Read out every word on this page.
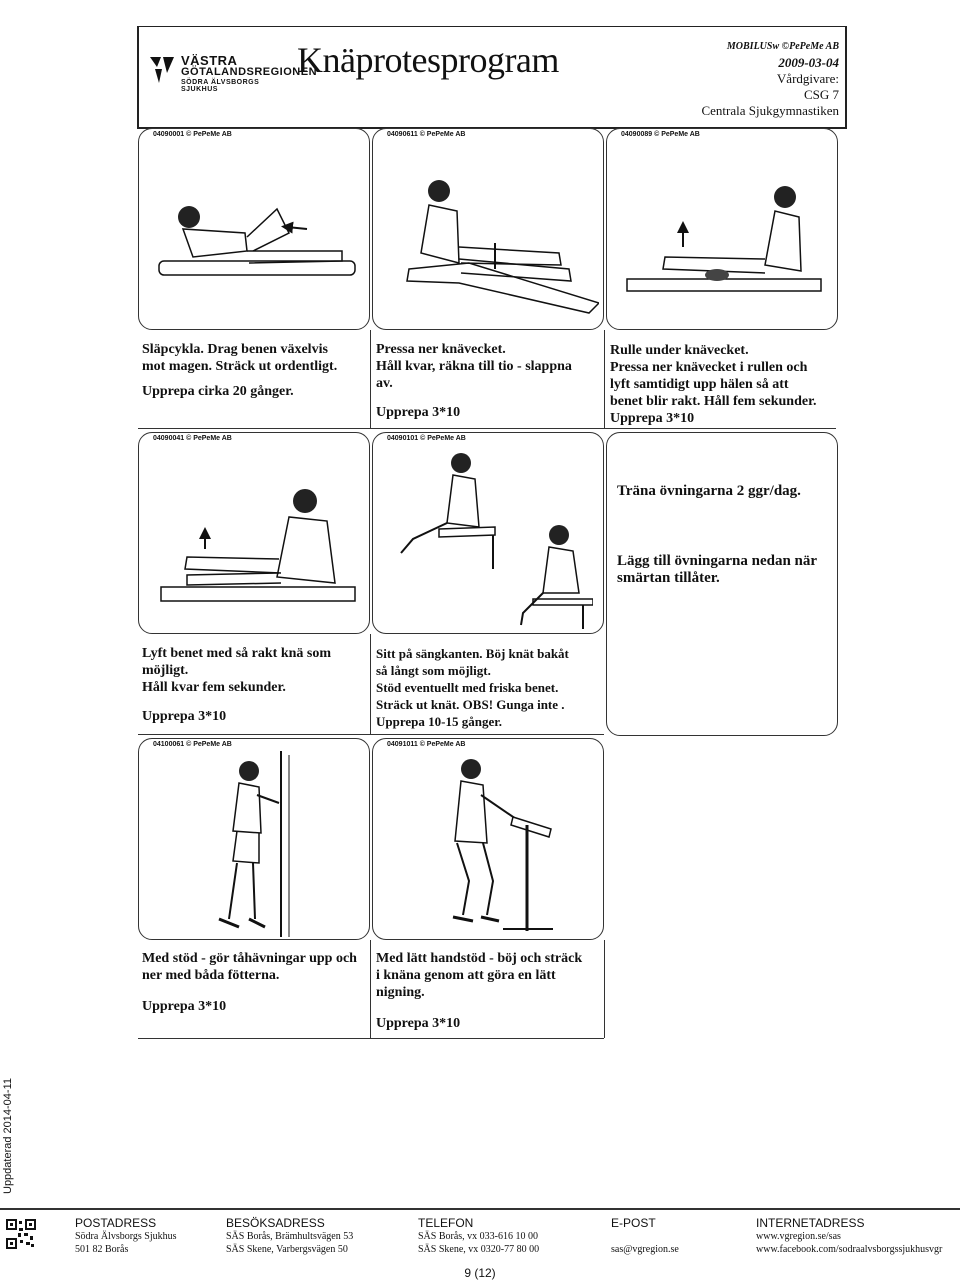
VÄSTRA
GÖTALANDSREGIONEN
SÖDRA ÄLVSBORGS SJUKHUS
Knäprotesprogram	MOBILUSw ©PePeMe AB
2009-03-04
Vårdgivare:
CSG 7
Centrala Sjukgymnastiken
04090001 © PePeMe AB	04090611 © PePeMe AB	04090089 © PePeMe AB
Släpcykla. Drag benen växelvis
mot magen. Sträck ut ordentligt.
Upprepa cirka 20 gånger.
Pressa ner knävecket.
Håll kvar, räkna till tio - slappna
av.
Upprepa 3*10
Rulle under knävecket.
Pressa ner knävecket i rullen och
lyft samtidigt upp hälen så att
benet blir rakt. Håll fem sekunder.
Upprepa 3*10
04090041 © PePeMe AB	04090101 © PePeMe AB
Träna övningarna 2 ggr/dag.
Lägg till övningarna nedan när
smärtan tillåter.
Lyft benet med så rakt knä som
möjligt.
Håll kvar fem sekunder.
Upprepa 3*10
Sitt på sängkanten. Böj knät bakåt
så långt som möjligt.
Stöd eventuellt med friska benet.
Sträck ut knät. OBS! Gunga inte .
Upprepa 10-15 gånger.
04100061 © PePeMe AB	04091011 © PePeMe AB
Med stöd - gör tåhävningar upp och
ner med båda fötterna.
Upprepa 3*10
Med lätt handstöd - böj och sträck
i knäna genom att göra en lätt
nigning.
Upprepa 3*10
Uppdaterad 2014-04-11
POSTADRESS
Södra Älvsborgs Sjukhus
501 82 Borås
BESÖKSADRESS
SÄS Borås, Brämhultsvägen 53
SÄS Skene, Varbergsvägen 50
TELEFON
SÄS Borås, vx 033-616 10 00
SÄS Skene, vx 0320-77 80 00
E-POST
sas@vgregion.se
INTERNETADRESS
www.vgregion.se/sas
www.facebook.com/sodraalvsborgssjukhusvgr
9 (12)
